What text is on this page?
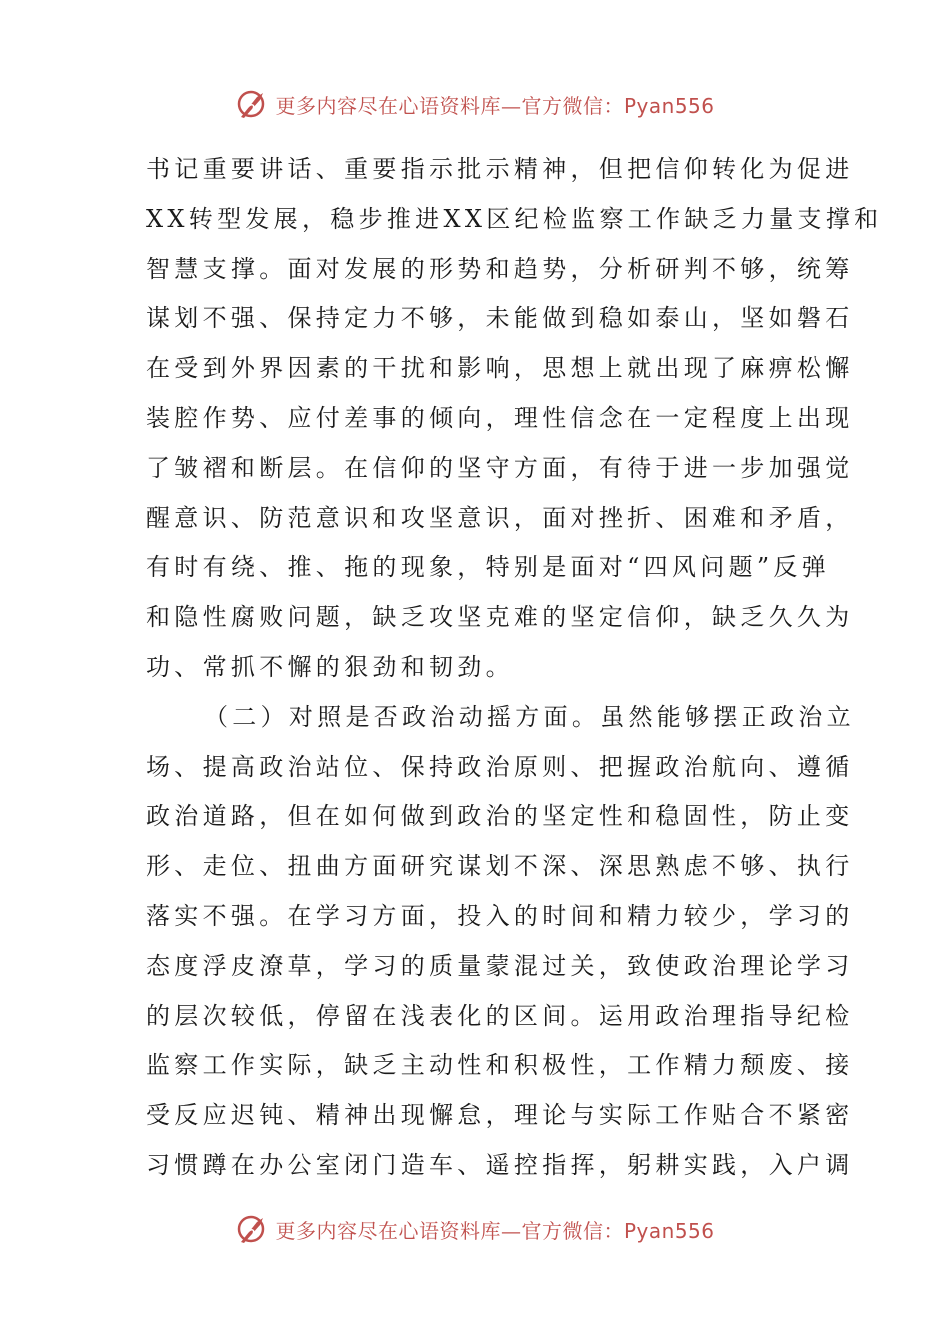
更多内容尽在心语资料库—官方微信：Pyan556
书记重要讲话、重要指示批示精神，但把信仰转化为促进
XX转型发展，稳步推进XX区纪检监察工作缺乏力量支撑和
智慧支撑。面对发展的形势和趋势，分析研判不够，统筹
谋划不强、保持定力不够，未能做到稳如泰山，坚如磐石
在受到外界因素的干扰和影响，思想上就出现了麻痹松懈
装腔作势、应付差事的倾向，理性信念在一定程度上出现
了皱褶和断层。在信仰的坚守方面，有待于进一步加强觉
醒意识、防范意识和攻坚意识，面对挫折、困难和矛盾，
有时有绕、推、拖的现象，特别是面对“四风问题”反弹
和隐性腐败问题，缺乏攻坚克难的坚定信仰，缺乏久久为
功、常抓不懈的狠劲和韧劲。
（二）对照是否政治动摇方面。虽然能够摆正政治立
场、提高政治站位、保持政治原则、把握政治航向、遵循
政治道路，但在如何做到政治的坚定性和稳固性，防止变
形、走位、扭曲方面研究谋划不深、深思熟虑不够、执行
落实不强。在学习方面，投入的时间和精力较少，学习的
态度浮皮潦草，学习的质量蒙混过关，致使政治理论学习
的层次较低，停留在浅表化的区间。运用政治理指导纪检
监察工作实际，缺乏主动性和积极性，工作精力颓废、接
受反应迟钝、精神出现懈怠，理论与实际工作贴合不紧密
习惯蹲在办公室闭门造车、遥控指挥，躬耕实践，入户调
更多内容尽在心语资料库—官方微信：Pyan556
